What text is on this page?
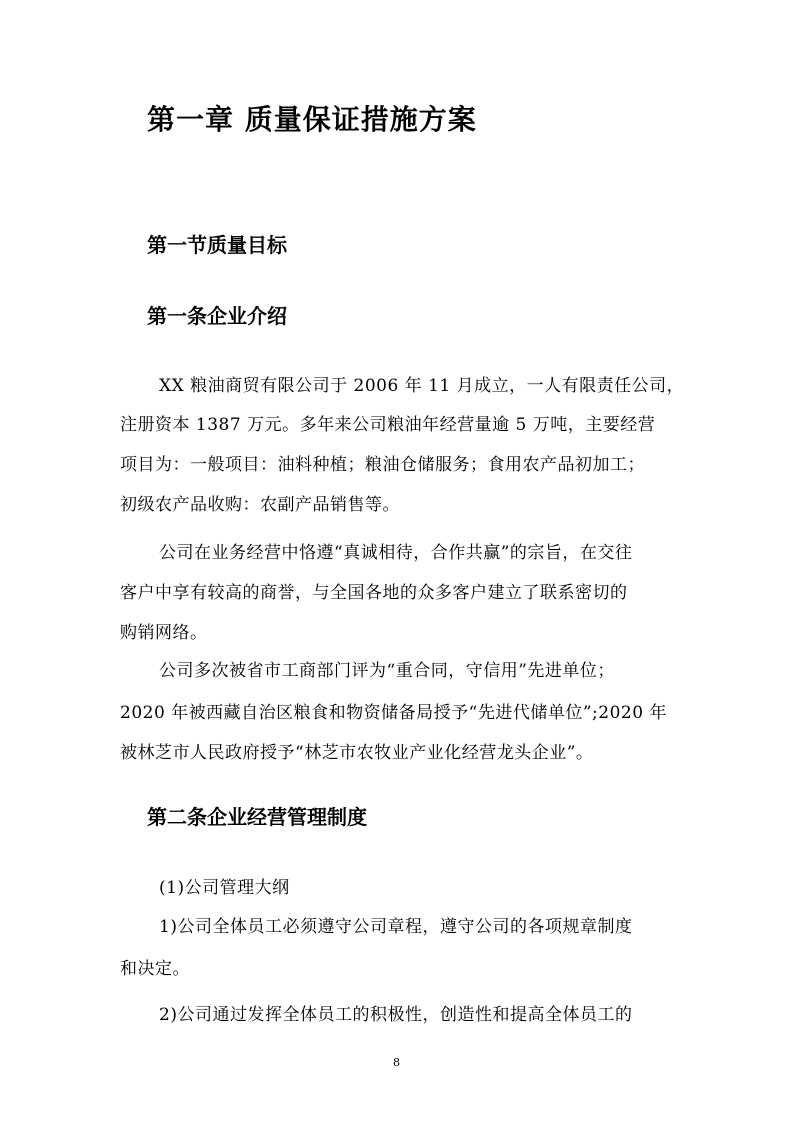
第一章 质量保证措施方案
第一节质量目标
第一条企业介绍
XX 粮油商贸有限公司于 2006 年 11 月成立，一人有限责任公司，
注册资本 1387 万元。多年来公司粮油年经营量逾 5 万吨，主要经营
项目为：一般项目：油料种植；粮油仓储服务；食用农产品初加工；
初级农产品收购：农副产品销售等。
公司在业务经营中恪遵“真诚相待，合作共赢”的宗旨，在交往
客户中享有较高的商誉，与全国各地的众多客户建立了联系密切的
购销网络。
公司多次被省市工商部门评为“重合同，守信用”先进单位；
2020 年被西藏自治区粮食和物资储备局授予“先进代储单位”;2020 年
被林芝市人民政府授予“林芝市农牧业产业化经营龙头企业”。
第二条企业经营管理制度
(1)公司管理大纲
1)公司全体员工必须遵守公司章程，遵守公司的各项规章制度
和决定。
2)公司通过发挥全体员工的积极性，创造性和提高全体员工的
8
